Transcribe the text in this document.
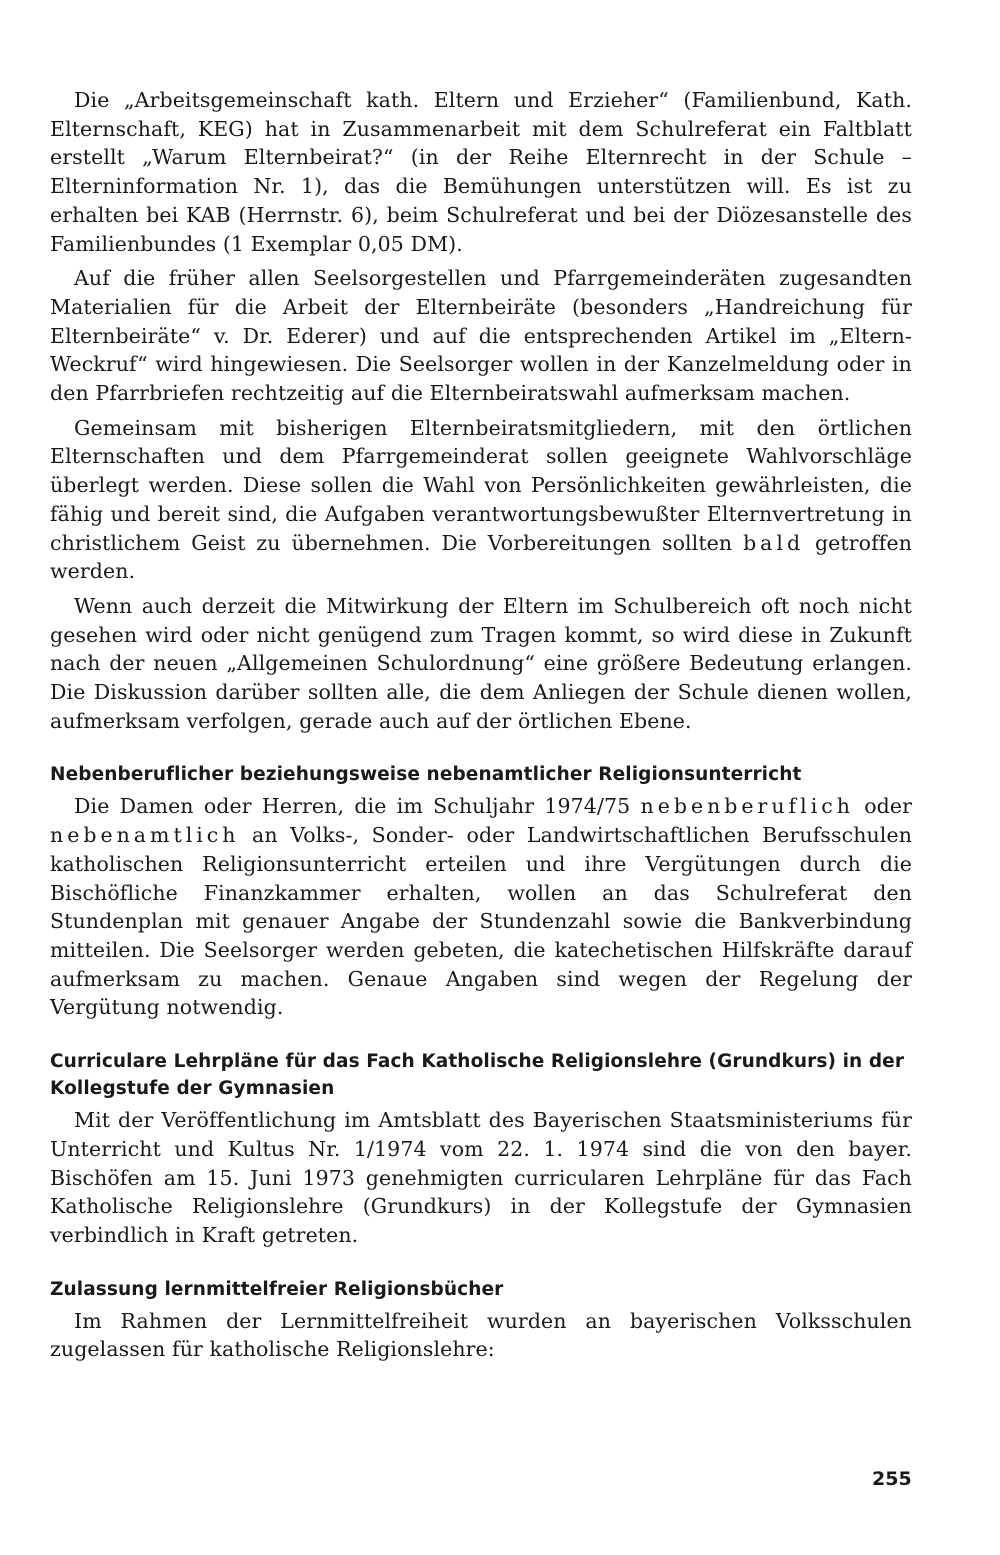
Die „Arbeitsgemeinschaft kath. Eltern und Erzieher“ (Familienbund, Kath. Elternschaft, KEG) hat in Zusammenarbeit mit dem Schulreferat ein Faltblatt erstellt „Warum Elternbeirat?“ (in der Reihe Elternrecht in der Schule – Elterninformation Nr. 1), das die Bemühungen unterstützen will. Es ist zu erhalten bei KAB (Herrnstr. 6), beim Schulreferat und bei der Diözesanstelle des Familienbundes (1 Exemplar 0,05 DM).

Auf die früher allen Seelsorgestellen und Pfarrgemeinderäten zugesandten Materialien für die Arbeit der Elternbeiräte (besonders „Handreichung für Elternbeiräte“ v. Dr. Ederer) und auf die entsprechenden Artikel im „Eltern-Weckruf“ wird hingewiesen. Die Seelsorger wollen in der Kanzelmeldung oder in den Pfarrbriefen rechtzeitig auf die Elternbeiratswahl aufmerksam machen.

Gemeinsam mit bisherigen Elternbeiratsmitgliedern, mit den örtlichen Elternschaften und dem Pfarrgemeinderat sollen geeignete Wahlvorschläge überlegt werden. Diese sollen die Wahl von Persönlichkeiten gewährleisten, die fähig und bereit sind, die Aufgaben verantwortungsbewußter Elternvertretung in christlichem Geist zu übernehmen. Die Vorbereitungen sollten bald getroffen werden.

Wenn auch derzeit die Mitwirkung der Eltern im Schulbereich oft noch nicht gesehen wird oder nicht genügend zum Tragen kommt, so wird diese in Zukunft nach der neuen „Allgemeinen Schulordnung“ eine größere Bedeutung erlangen. Die Diskussion darüber sollten alle, die dem Anliegen der Schule dienen wollen, aufmerksam verfolgen, gerade auch auf der örtlichen Ebene.

Nebenberuflicher beziehungsweise nebenamtlicher Religionsunterricht

Die Damen oder Herren, die im Schuljahr 1974/75 nebenberuflich oder nebenamtlich an Volks-, Sonder- oder Landwirtschaftlichen Berufsschulen katholischen Religionsunterricht erteilen und ihre Vergütungen durch die Bischöfliche Finanzkammer erhalten, wollen an das Schulreferat den Stundenplan mit genauer Angabe der Stundenzahl sowie die Bankverbindung mitteilen. Die Seelsorger werden gebeten, die katechetischen Hilfskräfte darauf aufmerksam zu machen. Genaue Angaben sind wegen der Regelung der Vergütung notwendig.

Curriculare Lehrpläne für das Fach Katholische Religionslehre (Grundkurs) in der Kollegstufe der Gymnasien

Mit der Veröffentlichung im Amtsblatt des Bayerischen Staatsministeriums für Unterricht und Kultus Nr. 1/1974 vom 22. 1. 1974 sind die von den bayer. Bischöfen am 15. Juni 1973 genehmigten curricularen Lehrpläne für das Fach Katholische Religionslehre (Grundkurs) in der Kollegstufe der Gymnasien verbindlich in Kraft getreten.

Zulassung lernmittelfreier Religionsbücher

Im Rahmen der Lernmittelfreiheit wurden an bayerischen Volksschulen zugelassen für katholische Religionslehre:

255
